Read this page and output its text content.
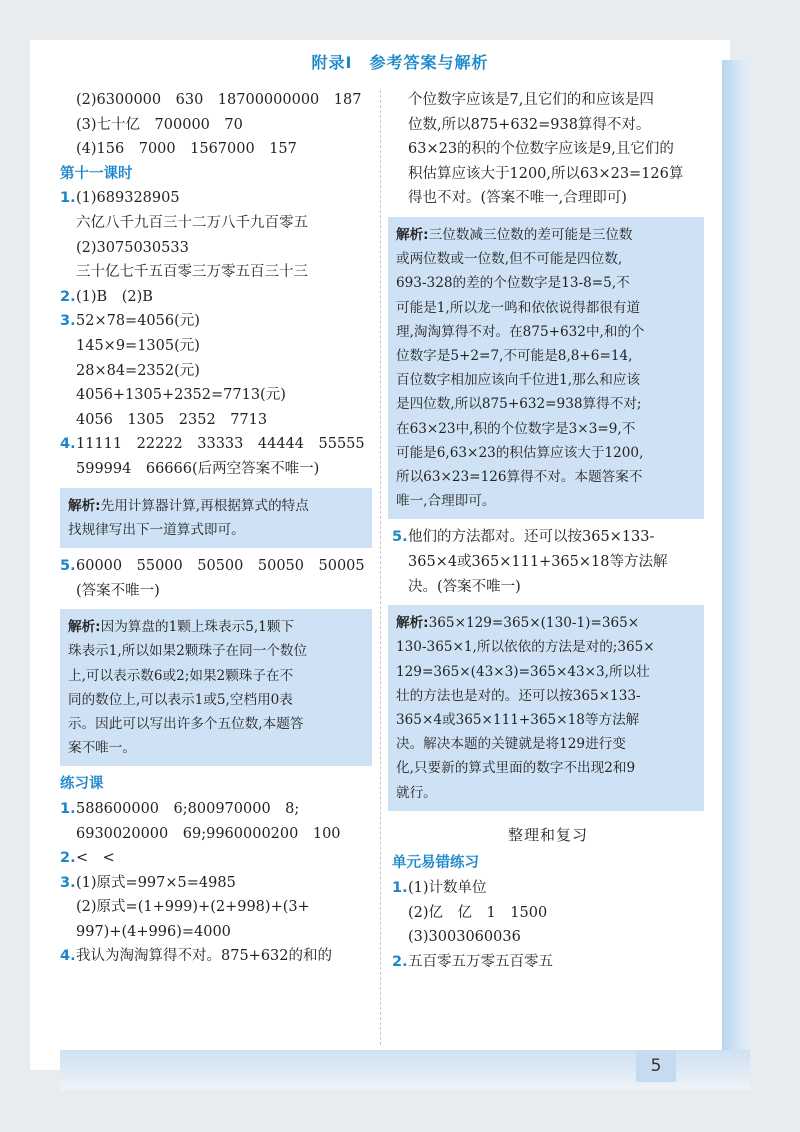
附录Ⅰ　参考答案与解析
(2)6300000　630　18700000000　187
(3)七十亿　700000　70
(4)156　7000　1567000　157
第十一课时
1.(1)689328905
六亿八千九百三十二万八千九百零五
(2)3075030533
三十亿七千五百零三万零五百三十三
2.(1)B　(2)B
3.52×78=4056(元)
145×9=1305(元)
28×84=2352(元)
4056+1305+2352=7713(元)
4056　1305　2352　7713
4.11111　22222　33333　44444　55555
599994　66666(后两空答案不唯一)
解析:先用计算器计算,再根据算式的特点
找规律写出下一道算式即可。
5.60000　55000　50500　50050　50005
(答案不唯一)
解析:因为算盘的1颗上珠表示5,1颗下
珠表示1,所以如果2颗珠子在同一个数位
上,可以表示数6或2;如果2颗珠子在不
同的数位上,可以表示1或5,空档用0表
示。因此可以写出许多个五位数,本题答
案不唯一。
练习课
1.588600000　6;800970000　8;
6930020000　69;9960000200　100
2.<　<
3.(1)原式=997×5=4985
(2)原式=(1+999)+(2+998)+(3+
997)+(4+996)=4000
4.我认为淘淘算得不对。875+632的和的
个位数字应该是7,且它们的和应该是四
位数,所以875+632=938算得不对。
63×23的积的个位数字应该是9,且它们的
积估算应该大于1200,所以63×23=126算
得也不对。(答案不唯一,合理即可)
解析:三位数减三位数的差可能是三位数
或两位数或一位数,但不可能是四位数,
693-328的差的个位数字是13-8=5,不
可能是1,所以龙一鸣和依依说得都很有道
理,淘淘算得不对。在875+632中,和的个
位数字是5+2=7,不可能是8,8+6=14,
百位数字相加应该向千位进1,那么和应该
是四位数,所以875+632=938算得不对;
在63×23中,积的个位数字是3×3=9,不
可能是6,63×23的积估算应该大于1200,
所以63×23=126算得不对。本题答案不
唯一,合理即可。
5.他们的方法都对。还可以按365×133-
365×4或365×111+365×18等方法解
决。(答案不唯一)
解析:365×129=365×(130-1)=365×
130-365×1,所以依依的方法是对的;365×
129=365×(43×3)=365×43×3,所以壮
壮的方法也是对的。还可以按365×133-
365×4或365×111+365×18等方法解
决。解决本题的关键就是将129进行变
化,只要新的算式里面的数字不出现2和9
就行。
整理和复习
单元易错练习
1.(1)计数单位
(2)亿　亿　1　1500
(3)3003060036
2.五百零五万零五百零五
5
